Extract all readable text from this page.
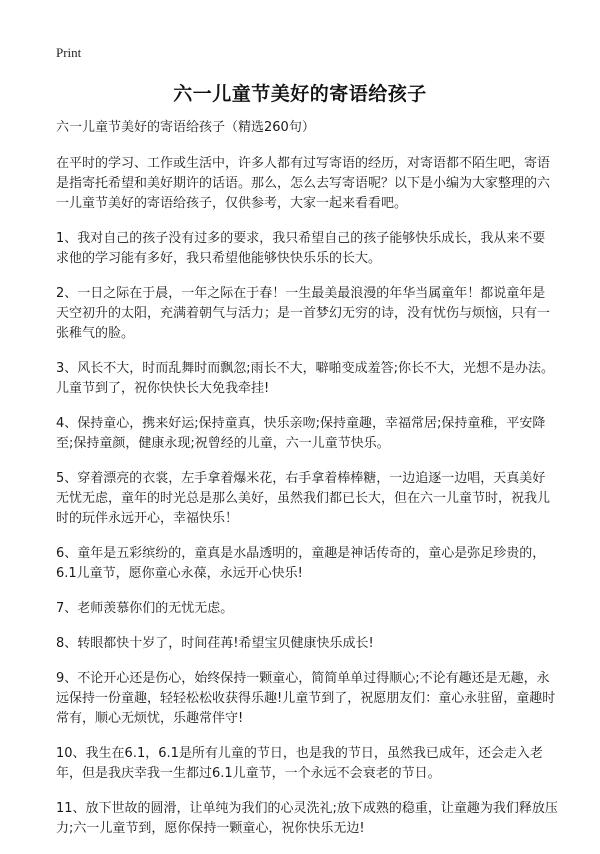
Print
六一儿童节美好的寄语给孩子

六一儿童节美好的寄语给孩子（精选260句）

在平时的学习、工作或生活中，许多人都有过写寄语的经历，对寄语都不陌生吧，寄语是指寄托希望和美好期许的话语。那么，怎么去写寄语呢？以下是小编为大家整理的六一儿童节美好的寄语给孩子，仅供参考，大家一起来看看吧。

1、我对自己的孩子没有过多的要求，我只希望自己的孩子能够快乐成长，我从来不要求他的学习能有多好，我只希望他能够快快乐乐的长大。

2、一日之际在于晨，一年之际在于春！一生最美最浪漫的年华当属童年！都说童年是天空初升的太阳，充满着朝气与活力；是一首梦幻无穷的诗，没有忧伤与烦恼，只有一张稚气的脸。

3、风长不大，时而乱舞时而飘忽;雨长不大，噼啪变成羞答;你长不大，光想不是办法。儿童节到了，祝你快快长大免我牵挂!

4、保持童心，携来好运;保持童真，快乐亲吻;保持童趣，幸福常居;保持童稚，平安降至;保持童颜，健康永现;祝曾经的儿童，六一儿童节快乐。

5、穿着漂亮的衣裳，左手拿着爆米花，右手拿着棒棒糖，一边追逐一边唱，天真美好无忧无虑，童年的时光总是那么美好，虽然我们都已长大，但在六一儿童节时，祝我儿时的玩伴永远开心，幸福快乐！

6、童年是五彩缤纷的，童真是水晶透明的，童趣是神话传奇的，童心是弥足珍贵的，6.1儿童节，愿你童心永葆，永远开心快乐!

7、老师羡慕你们的无忧无虑。

8、转眼都快十岁了，时间荏苒!希望宝贝健康快乐成长!

9、不论开心还是伤心，始终保持一颗童心，简简单单过得顺心;不论有趣还是无趣，永远保持一份童趣，轻轻松松收获得乐趣!儿童节到了，祝愿朋友们：童心永驻留，童趣时常有，顺心无烦忧，乐趣常伴守!

10、我生在6.1，6.1是所有儿童的节日，也是我的节日，虽然我已成年，还会走入老年，但是我庆幸我一生都过6.1儿童节，一个永远不会衰老的节日。

11、放下世故的圆滑，让单纯为我们的心灵洗礼;放下成熟的稳重，让童趣为我们释放压力;六一儿童节到，愿你保持一颗童心，祝你快乐无边!
